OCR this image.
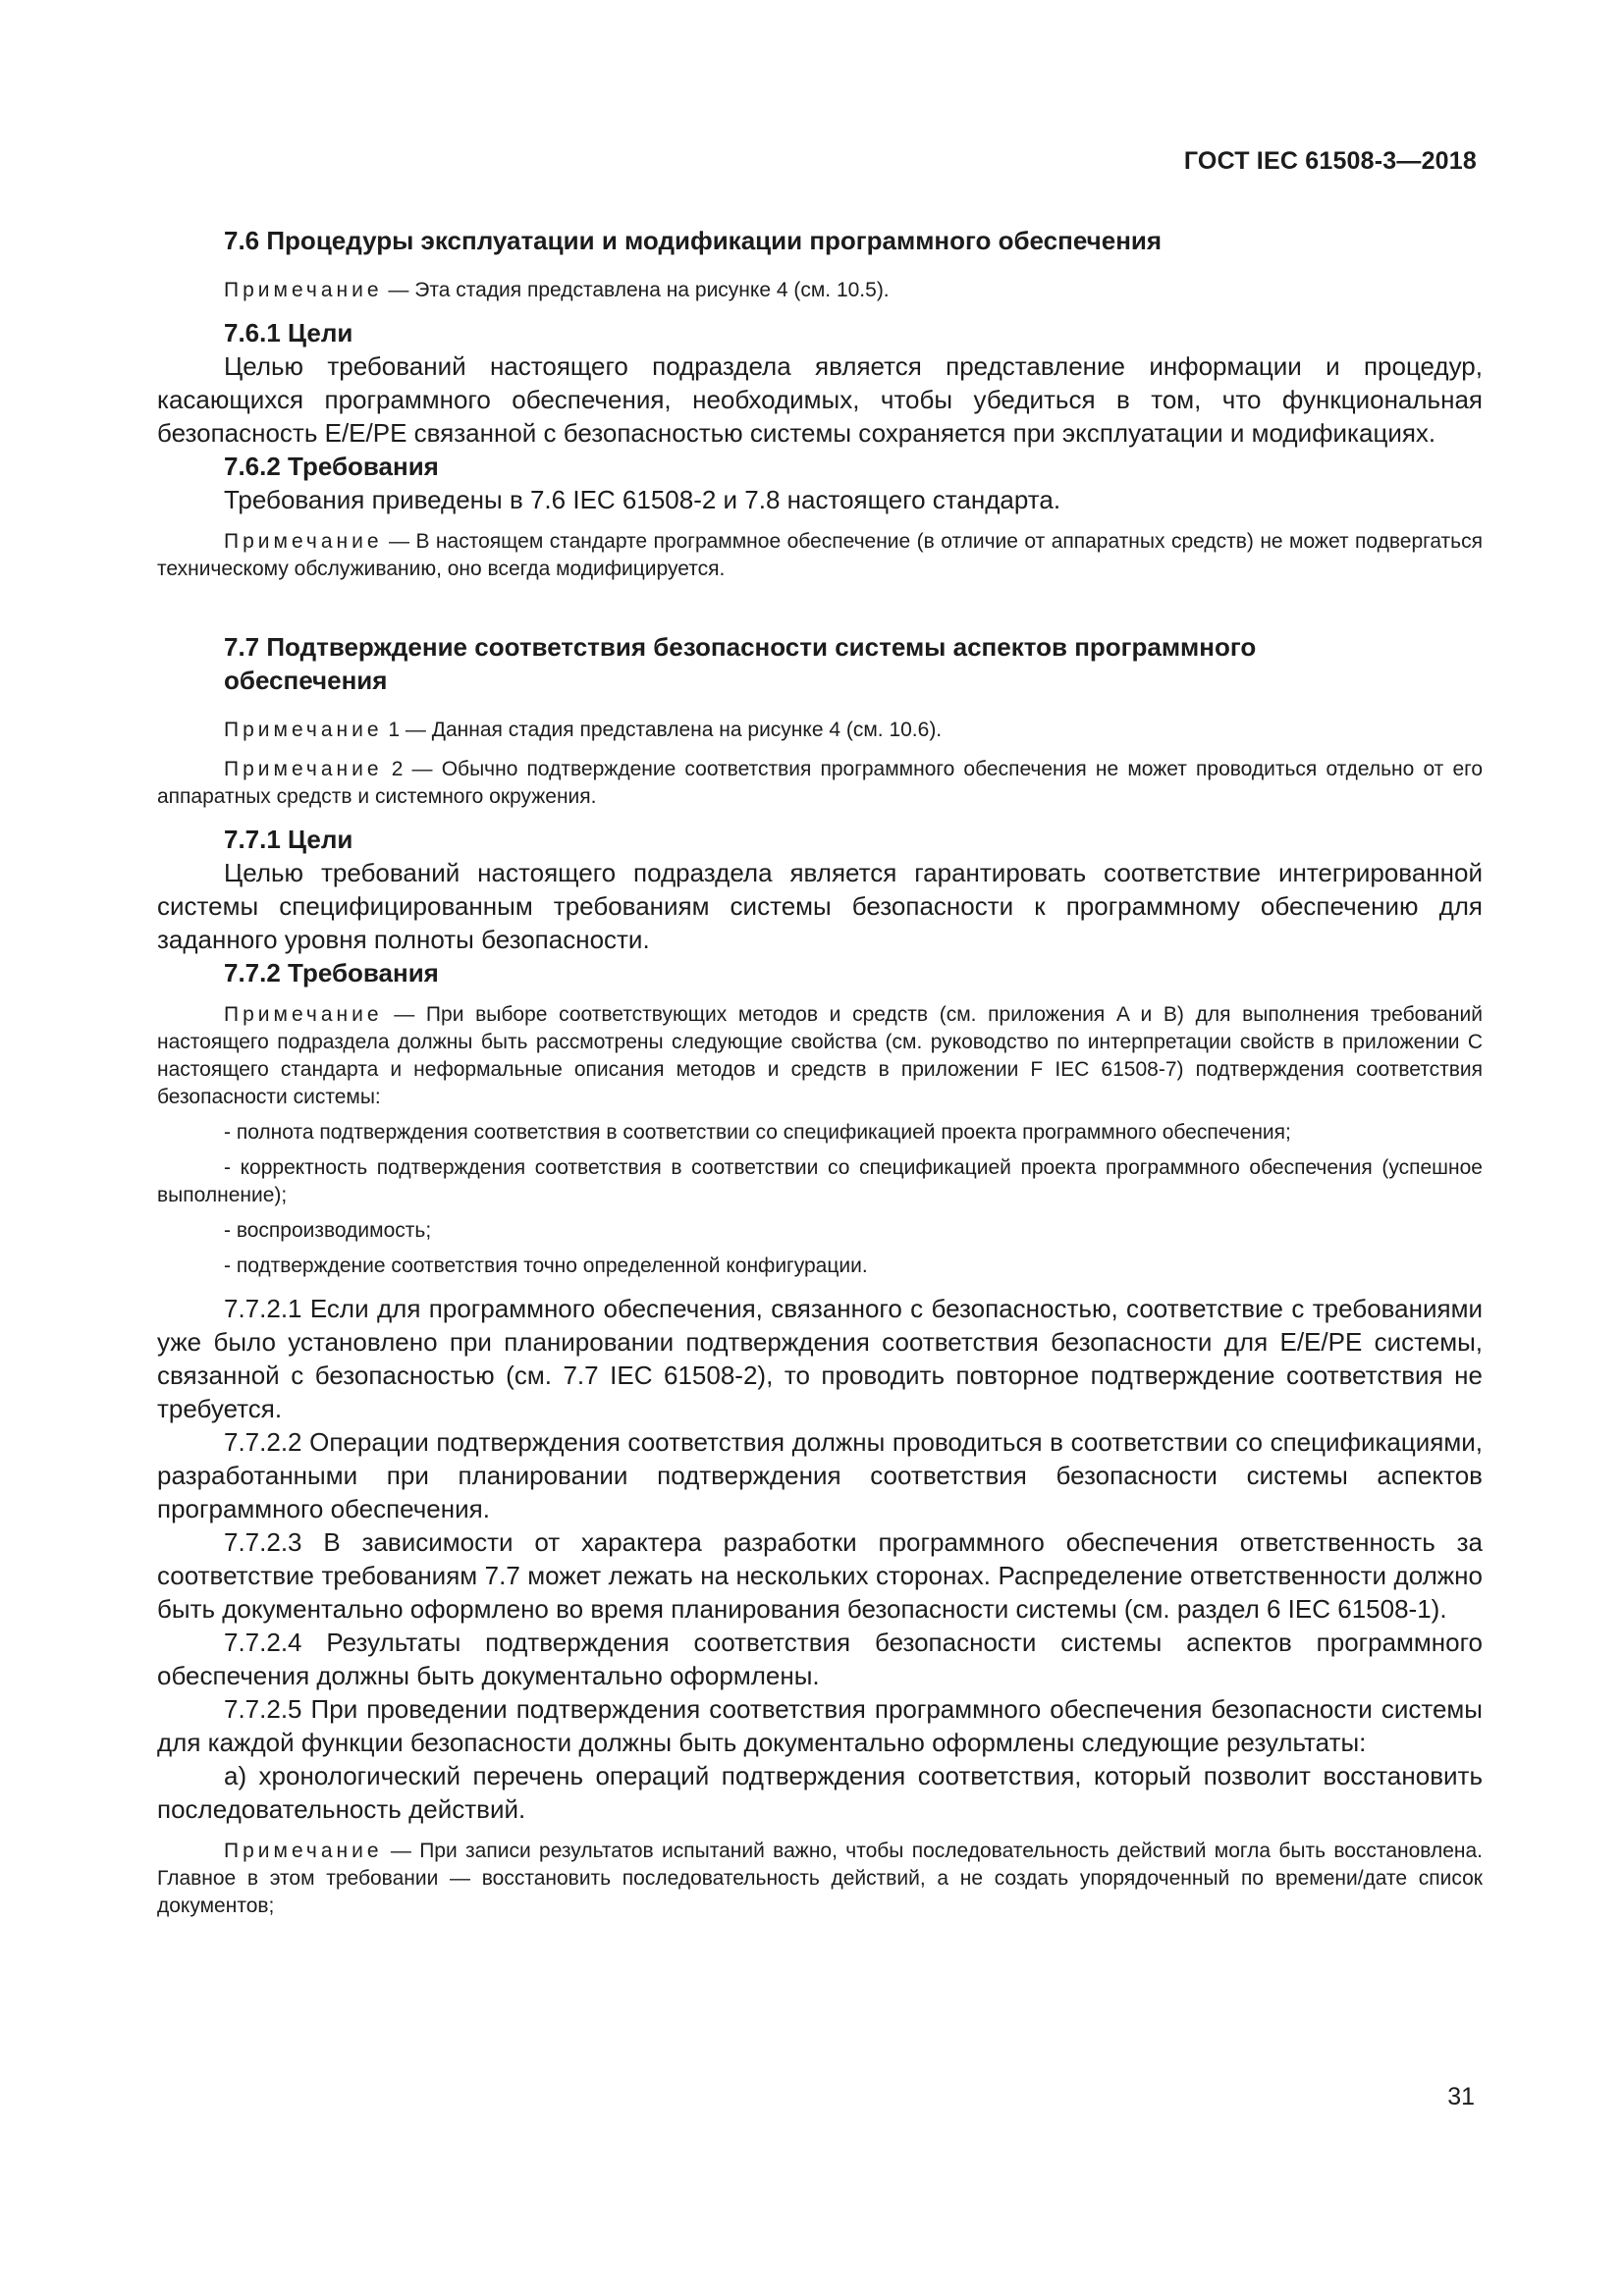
ГОСТ IEC 61508-3—2018

7.6 Процедуры эксплуатации и модификации программного обеспечения

Примечание — Эта стадия представлена на рисунке 4 (см. 10.5).

7.6.1 Цели

Целью требований настоящего подраздела является представление информации и процедур, касающихся программного обеспечения, необходимых, чтобы убедиться в том, что функциональная безопасность E/E/PE связанной с безопасностью системы сохраняется при эксплуатации и модификациях.

7.6.2 Требования

Требования приведены в 7.6 IEC 61508-2 и 7.8 настоящего стандарта.

Примечание — В настоящем стандарте программное обеспечение (в отличие от аппаратных средств) не может подвергаться техническому обслуживанию, оно всегда модифицируется.

7.7 Подтверждение соответствия безопасности системы аспектов программного обеспечения

Примечание 1 — Данная стадия представлена на рисунке 4 (см. 10.6).

Примечание 2 — Обычно подтверждение соответствия программного обеспечения не может проводиться отдельно от его аппаратных средств и системного окружения.

7.7.1 Цели

Целью требований настоящего подраздела является гарантировать соответствие интегрированной системы специфицированным требованиям системы безопасности к программному обеспечению для заданного уровня полноты безопасности.

7.7.2 Требования

Примечание — При выборе соответствующих методов и средств (см. приложения A и B) для выполнения требований настоящего подраздела должны быть рассмотрены следующие свойства (см. руководство по интерпретации свойств в приложении C настоящего стандарта и неформальные описания методов и средств в приложении F IEC 61508-7) подтверждения соответствия безопасности системы:

- полнота подтверждения соответствия в соответствии со спецификацией проекта программного обеспечения;

- корректность подтверждения соответствия в соответствии со спецификацией проекта программного обеспечения (успешное выполнение);

- воспроизводимость;

- подтверждение соответствия точно определенной конфигурации.

7.7.2.1 Если для программного обеспечения, связанного с безопасностью, соответствие с требованиями уже было установлено при планировании подтверждения соответствия безопасности для E/E/PE системы, связанной с безопасностью (см. 7.7 IEC 61508-2), то проводить повторное подтверждение соответствия не требуется.

7.7.2.2 Операции подтверждения соответствия должны проводиться в соответствии со спецификациями, разработанными при планировании подтверждения соответствия безопасности системы аспектов программного обеспечения.

7.7.2.3 В зависимости от характера разработки программного обеспечения ответственность за соответствие требованиям 7.7 может лежать на нескольких сторонах. Распределение ответственности должно быть документально оформлено во время планирования безопасности системы (см. раздел 6 IEC 61508-1).

7.7.2.4 Результаты подтверждения соответствия безопасности системы аспектов программного обеспечения должны быть документально оформлены.

7.7.2.5 При проведении подтверждения соответствия программного обеспечения безопасности системы для каждой функции безопасности должны быть документально оформлены следующие результаты:

a) хронологический перечень операций подтверждения соответствия, который позволит восстановить последовательность действий.

Примечание — При записи результатов испытаний важно, чтобы последовательность действий могла быть восстановлена. Главное в этом требовании — восстановить последовательность действий, а не создать упорядоченный по времени/дате список документов;

31
